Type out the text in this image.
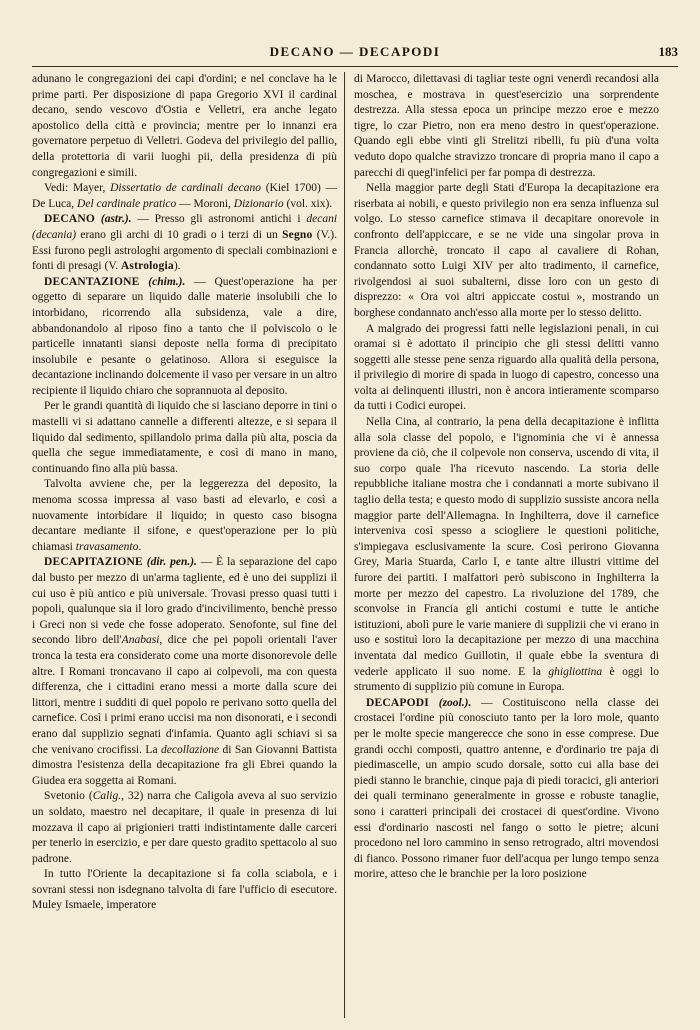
DECANO — DECAPODI	183

adunano le congregazioni dei capi d'ordini; e nel conclave ha le prime parti. Per disposizione di papa Gregorio XVI il cardinal decano, sendo vescovo d'Ostia e Velletri, era anche legato apostolico della città e provincia; mentre per lo innanzi era governatore perpetuo di Velletri. Godeva del privilegio del pallio, della protettoria di varii luoghi pii, della presidenza di più congregazioni e simili.

Vedi: Mayer, Dissertatio de cardinali decano (Kiel 1700) — De Luca, Del cardinale pratico — Moroni, Dizionario (vol. xix).

DECANO (astr.). — Presso gli astronomi antichi i decani (decania) erano gli archi di 10 gradi o i terzi di un Segno (V.). Essi furono pegli astrologhi argomento di speciali combinazioni e fonti di presagi (V. Astrologia).

DECANTAZIONE (chim.). — Quest'operazione ha per oggetto di separare un liquido dalle materie insolubili che lo intorbidano, ricorrendo alla subsidenza, vale a dire, abbandonandolo al riposo fino a tanto che il polviscolo o le particelle innatanti siansi deposte nella forma di precipitato insolubile e pesante o gelatinoso. Allora si eseguisce la decantazione inclinando dolcemente il vaso per versare in un altro recipiente il liquido chiaro che soprannuota al deposito.

Per le grandi quantità di liquido che si lasciano deporre in tini o mastelli vi si adattano cannelle a differenti altezze, e si separa il liquido dal sedimento, spillandolo prima dalla più alta, poscia da quella che segue immediatamente, e così di mano in mano, continuando fino alla più bassa.

Talvolta avviene che, per la leggerezza del deposito, la menoma scossa impressa al vaso basti ad elevarlo, e così a nuovamente intorbidare il liquido; in questo caso bisogna decantare mediante il sifone, e quest'operazione per lo più chiamasi travasamento.

DECAPITAZIONE (dir. pen.). — È la separazione del capo dal busto per mezzo di un'arma tagliente, ed è uno dei supplizi il cui uso è più antico e più universale. Trovasi presso quasi tutti i popoli, qualunque sia il loro grado d'incivilimento, benchè presso i Greci non si vede che fosse adoperato. Senofonte, sul fine del secondo libro dell'Anabasi, dice che pei popoli orientali l'aver tronca la testa era considerato come una morte disonorevole delle altre. I Romani troncavano il capo ai colpevoli, ma con questa differenza, che i cittadini erano messi a morte dalla scure dei littori, mentre i sudditi di quel popolo re perivano sotto quella del carnefice. Così i primi erano uccisi ma non disonorati, e i secondi erano dal supplizio segnati d'infamia. Quanto agli schiavi si sa che venivano crocifissi. La decollazione di San Giovanni Battista dimostra l'esistenza della decapitazione fra gli Ebrei quando la Giudea era soggetta ai Romani.

Svetonio (Calig., 32) narra che Caligola aveva al suo servizio un soldato, maestro nel decapitare, il quale in presenza di lui mozzava il capo ai prigionieri tratti indistintamente dalle carceri per tenerlo in esercizio, e per dare questo gradito spettacolo al suo padrone.

In tutto l'Oriente la decapitazione si fa colla sciabola, e i sovrani stessi non isdegnano talvolta di fare l'ufficio di esecutore. Muley Ismaele, imperatore

di Marocco, dilettavasi di tagliar teste ogni venerdì recandosi alla moschea, e mostrava in quest'esercizio una sorprendente destrezza. Alla stessa epoca un principe mezzo eroe e mezzo tigre, lo czar Pietro, non era meno destro in quest'operazione. Quando egli ebbe vinti gli Strelitzi ribelli, fu più d'una volta veduto dopo qualche stravizzo troncare di propria mano il capo a parecchi di quegl'infelici per far pompa di destrezza.

Nella maggior parte degli Stati d'Europa la decapitazione era riserbata ai nobili, e questo privilegio non era senza influenza sul volgo. Lo stesso carnefice stimava il decapitare onorevole in confronto dell'appiccare, e se ne vide una singolar prova in Francia allorchè, troncato il capo al cavaliere di Rohan, condannato sotto Luigi XIV per alto tradimento, il carnefice, rivolgendosi ai suoi subalterni, disse loro con un gesto di disprezzo: « Ora voi altri appiccate costui », mostrando un borghese condannato anch'esso alla morte per lo stesso delitto.

A malgrado dei progressi fatti nelle legislazioni penali, in cui oramai si è adottato il principio che gli stessi delitti vanno soggetti alle stesse pene senza riguardo alla qualità della persona, il privilegio di morire di spada in luogo di capestro, concesso una volta ai delinquenti illustri, non è ancora intieramente scomparso da tutti i Codici europei.

Nella Cina, al contrario, la pena della decapitazione è inflitta alla sola classe del popolo, e l'ignominia che vi è annessa proviene da ciò, che il colpevole non conserva, uscendo di vita, il suo corpo quale l'ha ricevuto nascendo. La storia delle repubbliche italiane mostra che i condannati a morte subivano il taglio della testa; e questo modo di supplizio sussiste ancora nella maggior parte dell'Allemagna. In Inghilterra, dove il carnefice interveniva così spesso a sciogliere le questioni politiche, s'impiegava esclusivamente la scure. Così perirono Giovanna Grey, Maria Stuarda, Carlo I, e tante altre illustri vittime del furore dei partiti. I malfattori però subiscono in Inghilterra la morte per mezzo del capestro. La rivoluzione del 1789, che sconvolse in Francia gli antichi costumi e tutte le antiche istituzioni, abolì pure le varie maniere di supplizii che vi erano in uso e sostituì loro la decapitazione per mezzo di una macchina inventata dal medico Guillotin, il quale ebbe la sventura di vederle applicato il suo nome. E la ghigliottina è oggi lo strumento di supplizio più comune in Europa.

DECAPODI (zool.). — Costituiscono nella classe dei crostacei l'ordine più conosciuto tanto per la loro mole, quanto per le molte specie mangerecce che sono in esse comprese. Due grandi occhi composti, quattro antenne, e d'ordinario tre paja di piedimascelle, un ampio scudo dorsale, sotto cui alla base dei piedi stanno le branchie, cinque paja di piedi toracici, gli anteriori dei quali terminano generalmente in grosse e robuste tanaglie, sono i caratteri principali dei crostacei di quest'ordine. Vivono essi d'ordinario nascosti nel fango o sotto le pietre; alcuni procedono nel loro cammino in senso retrogrado, altri movendosi di fianco. Possono rimaner fuor dell'acqua per lungo tempo senza morire, atteso che le branchie per la loro posizione
